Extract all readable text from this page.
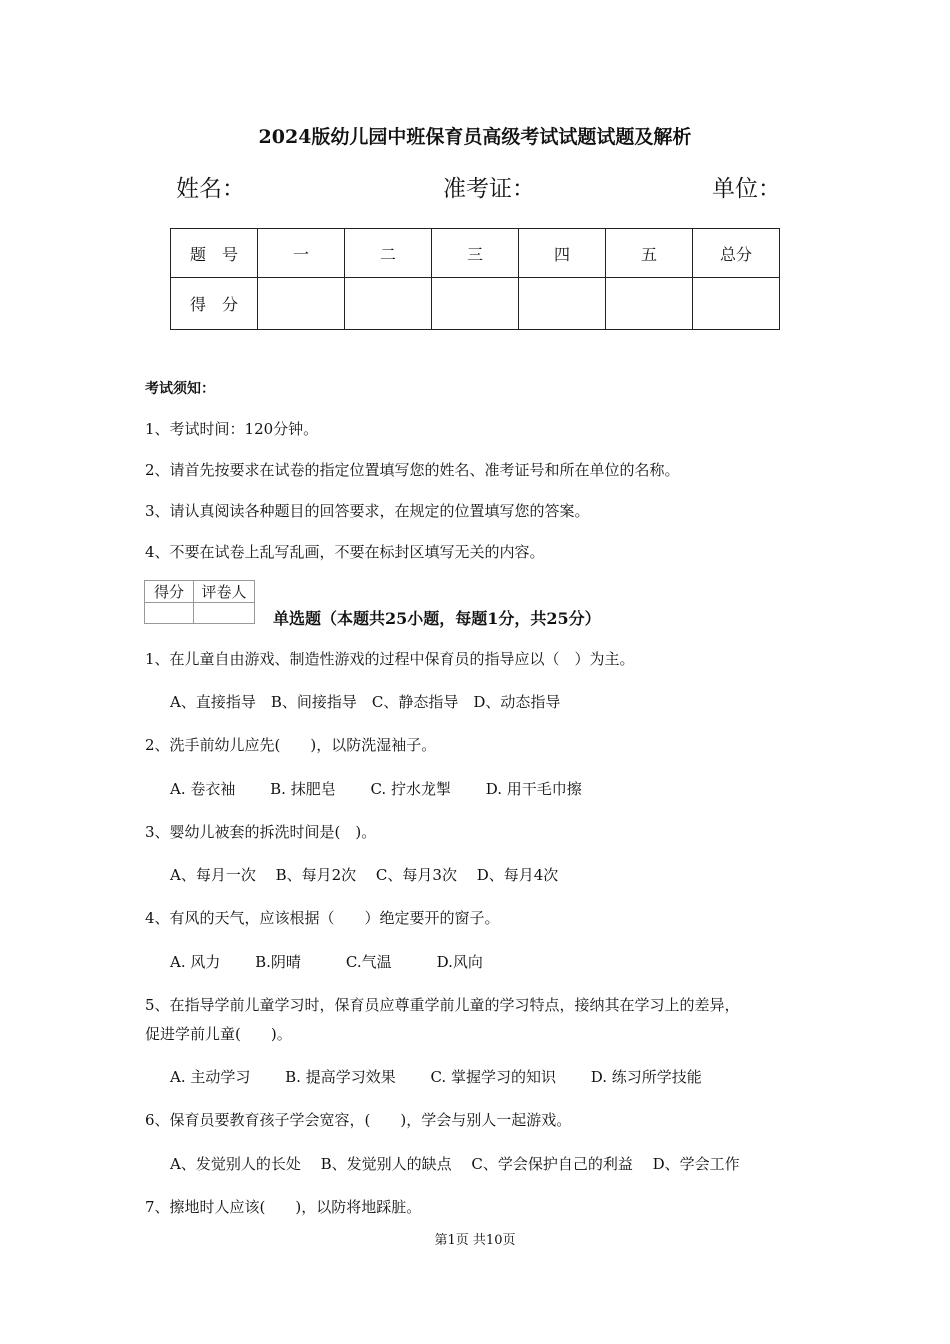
2024版幼儿园中班保育员高级考试试题试题及解析
姓名：	准考证：	单位：
题　号	一	二	三	四	五	总分
得　分						
考试须知：
1、考试时间：120分钟。
2、请首先按要求在试卷的指定位置填写您的姓名、准考证号和所在单位的名称。
3、请认真阅读各种题目的回答要求，在规定的位置填写您的答案。
4、不要在试卷上乱写乱画，不要在标封区填写无关的内容。
得分	评卷人

单选题（本题共25小题，每题1分，共25分）
1、在儿童自由游戏、制造性游戏的过程中保育员的指导应以（　）为主。
A、直接指导　B、间接指导　C、静态指导　D、动态指导
2、洗手前幼儿应先(　　)，以防洗湿袖子。
A. 卷衣袖　　 B. 抹肥皂　　 C. 拧水龙掣　　 D. 用干毛巾擦
3、婴幼儿被套的拆洗时间是(　)。
A、每月一次　 B、每月2次　 C、每月3次　 D、每月4次
4、有风的天气，应该根据（　　）绝定要开的窗子。
A. 风力　　 B.阴晴　　　C.气温　　　D.风向
5、在指导学前儿童学习时，保育员应尊重学前儿童的学习特点，接纳其在学习上的差异，
促进学前儿童(　　)。
A. 主动学习　　 B. 提高学习效果　　 C. 掌握学习的知识　　 D. 练习所学技能
6、保育员要教育孩子学会宽容，(　　)，学会与别人一起游戏。
A、发觉别人的长处　 B、发觉别人的缺点　 C、学会保护自己的利益　 D、学会工作
7、擦地时人应该(　　)，以防将地踩脏。
第1页 共10页
